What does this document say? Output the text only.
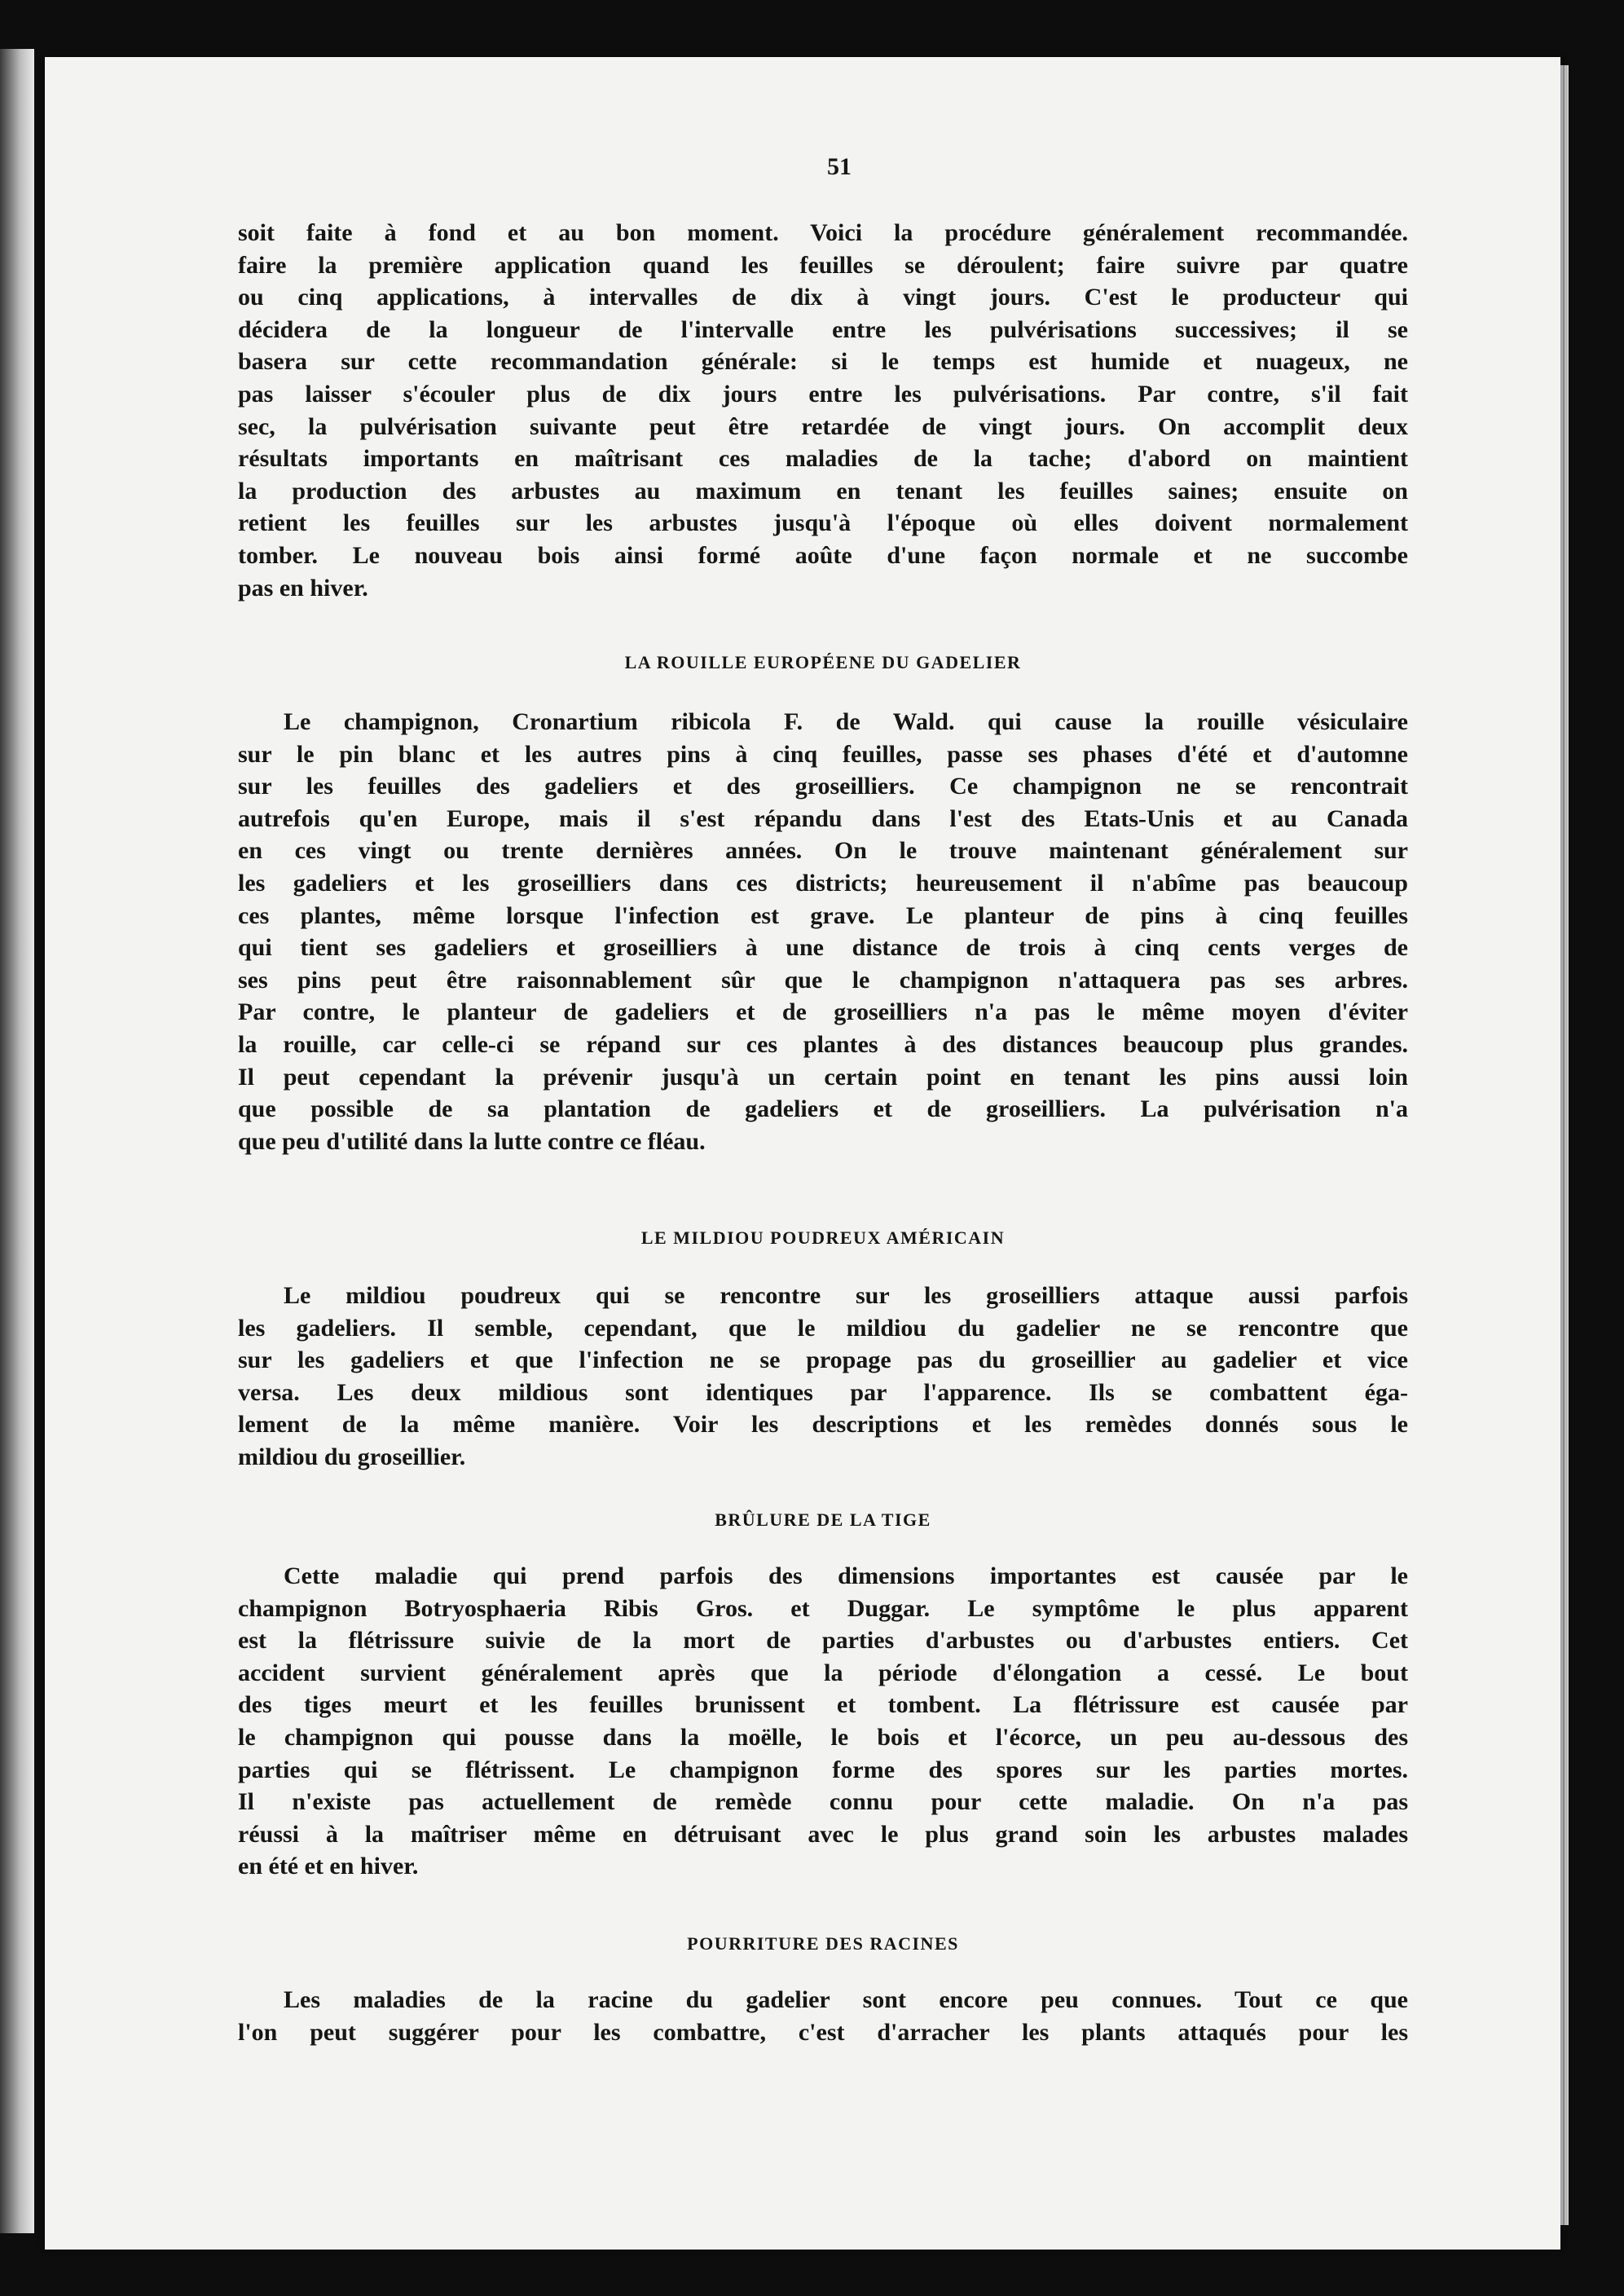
51
soit faite à fond et au bon moment. Voici la procédure généralement recommandée.
faire la première application quand les feuilles se déroulent; faire suivre par quatre
ou cinq applications, à intervalles de dix à vingt jours. C'est le producteur qui
décidera de la longueur de l'intervalle entre les pulvérisations successives; il se
basera sur cette recommandation générale: si le temps est humide et nuageux, ne
pas laisser s'écouler plus de dix jours entre les pulvérisations. Par contre, s'il fait
sec, la pulvérisation suivante peut être retardée de vingt jours. On accomplit deux
résultats importants en maîtrisant ces maladies de la tache; d'abord on maintient
la production des arbustes au maximum en tenant les feuilles saines; ensuite on
retient les feuilles sur les arbustes jusqu'à l'époque où elles doivent normalement
tomber. Le nouveau bois ainsi formé aoûte d'une façon normale et ne succombe
pas en hiver.
LA ROUILLE EUROPÉENE DU GADELIER
Le champignon, Cronartium ribicola F. de Wald. qui cause la rouille vésiculaire
sur le pin blanc et les autres pins à cinq feuilles, passe ses phases d'été et d'automne
sur les feuilles des gadeliers et des groseilliers. Ce champignon ne se rencontrait
autrefois qu'en Europe, mais il s'est répandu dans l'est des Etats-Unis et au Canada
en ces vingt ou trente dernières années. On le trouve maintenant généralement sur
les gadeliers et les groseilliers dans ces districts; heureusement il n'abîme pas beaucoup
ces plantes, même lorsque l'infection est grave. Le planteur de pins à cinq feuilles
qui tient ses gadeliers et groseilliers à une distance de trois à cinq cents verges de
ses pins peut être raisonnablement sûr que le champignon n'attaquera pas ses arbres.
Par contre, le planteur de gadeliers et de groseilliers n'a pas le même moyen d'éviter
la rouille, car celle-ci se répand sur ces plantes à des distances beaucoup plus grandes.
Il peut cependant la prévenir jusqu'à un certain point en tenant les pins aussi loin
que possible de sa plantation de gadeliers et de groseilliers. La pulvérisation n'a
que peu d'utilité dans la lutte contre ce fléau.
LE MILDIOU POUDREUX AMÉRICAIN
Le mildiou poudreux qui se rencontre sur les groseilliers attaque aussi parfois
les gadeliers. Il semble, cependant, que le mildiou du gadelier ne se rencontre que
sur les gadeliers et que l'infection ne se propage pas du groseillier au gadelier et vice
versa. Les deux mildious sont identiques par l'apparence. Ils se combattent éga-
lement de la même manière. Voir les descriptions et les remèdes donnés sous le
mildiou du groseillier.
BRÛLURE DE LA TIGE
Cette maladie qui prend parfois des dimensions importantes est causée par le
champignon Botryosphaeria Ribis Gros. et Duggar. Le symptôme le plus apparent
est la flétrissure suivie de la mort de parties d'arbustes ou d'arbustes entiers. Cet
accident survient généralement après que la période d'élongation a cessé. Le bout
des tiges meurt et les feuilles brunissent et tombent. La flétrissure est causée par
le champignon qui pousse dans la moëlle, le bois et l'écorce, un peu au-dessous des
parties qui se flétrissent. Le champignon forme des spores sur les parties mortes.
Il n'existe pas actuellement de remède connu pour cette maladie. On n'a pas
réussi à la maîtriser même en détruisant avec le plus grand soin les arbustes malades
en été et en hiver.
POURRITURE DES RACINES
Les maladies de la racine du gadelier sont encore peu connues. Tout ce que
l'on peut suggérer pour les combattre, c'est d'arracher les plants attaqués pour les
